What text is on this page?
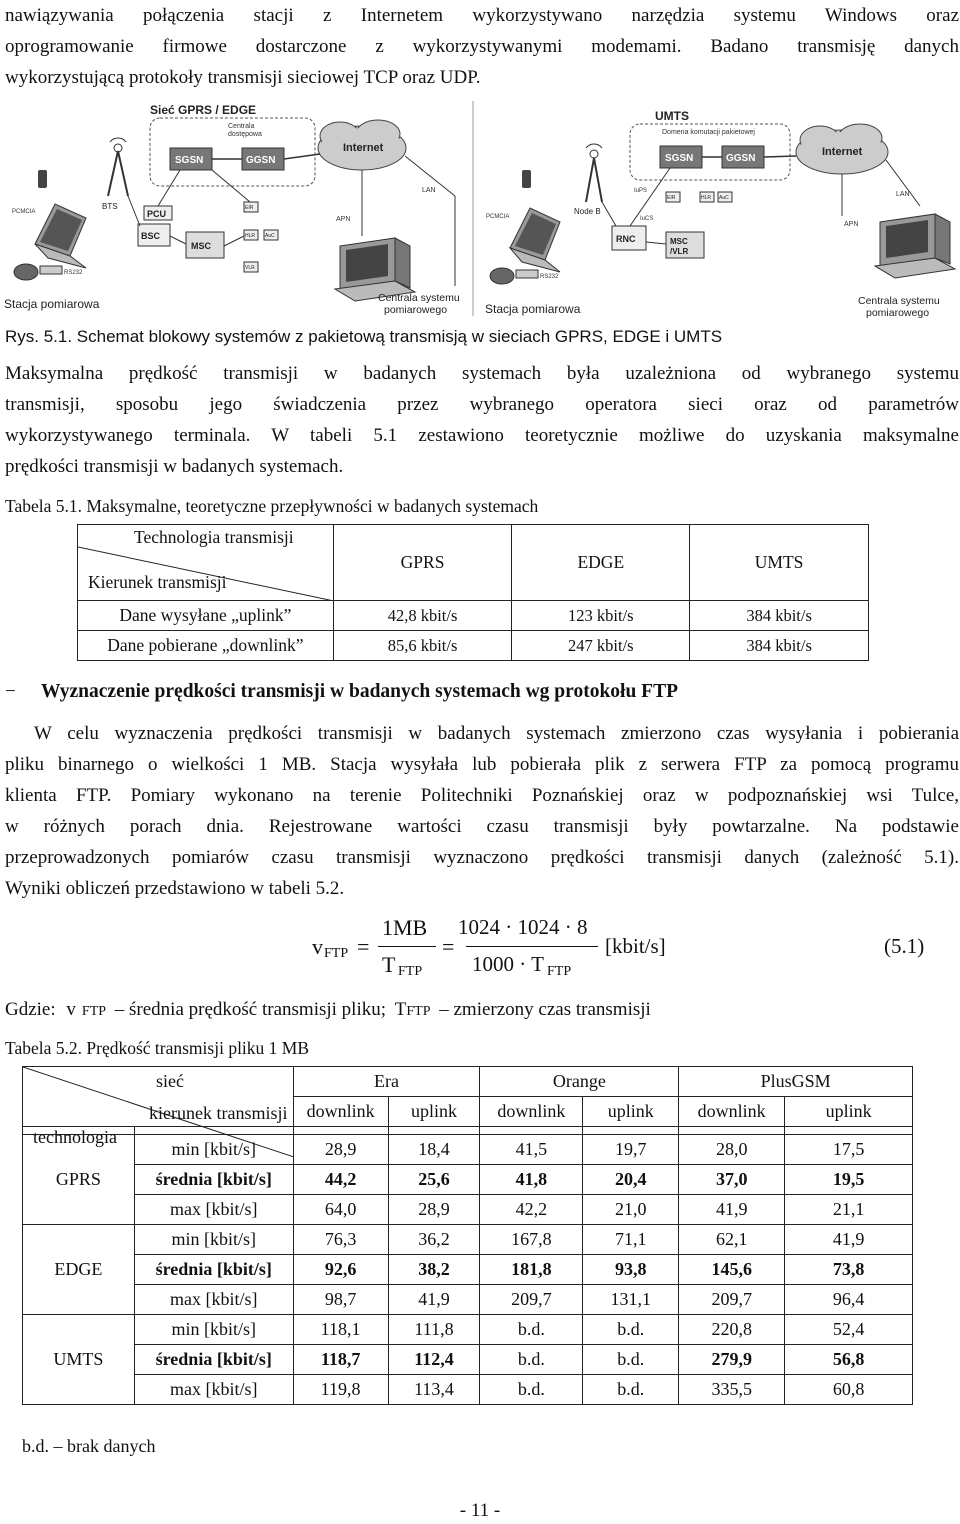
nawiązywania połączenia stacji z Internetem wykorzystywano narzędzia systemu Windows oraz
oprogramowanie firmowe dostarczone z wykorzystywanymi modemami. Badano transmisję danych
wykorzystującą protokoły transmisji sieciowej TCP oraz UDP.
Sieć GPRS / EDGE
Centrala
dostępowa
SGSN	GGSN
Internet
BTS
PCU
BSC
MSC
EIR
HLR AuC
VLR
PCMCIA
RS232
Stacja pomiarowa
LAN
APN
Centrala systemu
pomiarowego
UMTS
Domena komutacji pakietowej
SGSN	GGSN
Internet
Node B
RNC	MSC
/VLR
IuPS
IuCS
EIR	HLR AuC
PCMCIA
RS232
Stacja pomiarowa
LAN
APN
Centrala systemu
pomiarowego
Rys. 5.1. Schemat blokowy systemów z pakietową transmisją w sieciach GPRS, EDGE i UMTS
Maksymalna prędkość transmisji w badanych systemach była uzależniona od wybranego systemu
transmisji, sposobu jego świadczenia przez wybranego operatora sieci oraz od parametrów
wykorzystywanego terminala. W tabeli 5.1 zestawiono teoretycznie możliwe do uzyskania maksymalne
prędkości transmisji w badanych systemach.
Tabela 5.1. Maksymalne, teoretyczne przepływności w badanych systemach
Technologia transmisji
Kierunek transmisji	GPRS	EDGE	UMTS
Dane wysyłane „uplink”	42,8 kbit/s	123 kbit/s	384 kbit/s
Dane pobierane „downlink”	85,6 kbit/s	247 kbit/s	384 kbit/s
− Wyznaczenie prędkości transmisji w badanych systemach wg protokołu FTP
W celu wyznaczenia prędkości transmisji w badanych systemach zmierzono czas wysyłania i pobierania
pliku binarnego o wielkości 1 MB. Stacja wysyłała lub pobierała plik z serwera FTP za pomocą programu
klienta FTP. Pomiary wykonano na terenie Politechniki Poznańskiej oraz w podpoznańskiej wsi Tulce,
w różnych porach dnia. Rejestrowane wartości czasu transmisji były powtarzalne. Na podstawie
przeprowadzonych pomiarów czasu transmisji wyznaczono prędkości transmisji danych (zależność 5.1).
Wyniki obliczeń przedstawiono w tabeli 5.2.
v FTP =
1MB
T FTP
=
1024 · 1024 · 8
1000 · T FTP
[kbit/s]	(5.1)
Gdzie: v FTP – średnia prędkość transmisji pliku; TFTP – zmierzony czas transmisji
Tabela 5.2. Prędkość transmisji pliku 1 MB
sieć
kierunek transmisji
technologia		Era		Orange		PlusGSM	
		downlink	uplink	downlink	uplink	downlink	uplink

GPRS	min [kbit/s]	28,9	18,4	41,5	19,7	28,0	17,5
	średnia [kbit/s]	44,2	25,6	41,8	20,4	37,0	19,5
	max [kbit/s]	64,0	28,9	42,2	21,0	41,9	21,1
EDGE	min [kbit/s]	76,3	36,2	167,8	71,1	62,1	41,9
	średnia [kbit/s]	92,6	38,2	181,8	93,8	145,6	73,8
	max [kbit/s]	98,7	41,9	209,7	131,1	209,7	96,4
UMTS	min [kbit/s]	118,1	111,8	b.d.	b.d.	220,8	52,4
	średnia [kbit/s]	118,7	112,4	b.d.	b.d.	279,9	56,8
	max [kbit/s]	119,8	113,4	b.d.	b.d.	335,5	60,8
b.d. – brak danych
- 11 -
